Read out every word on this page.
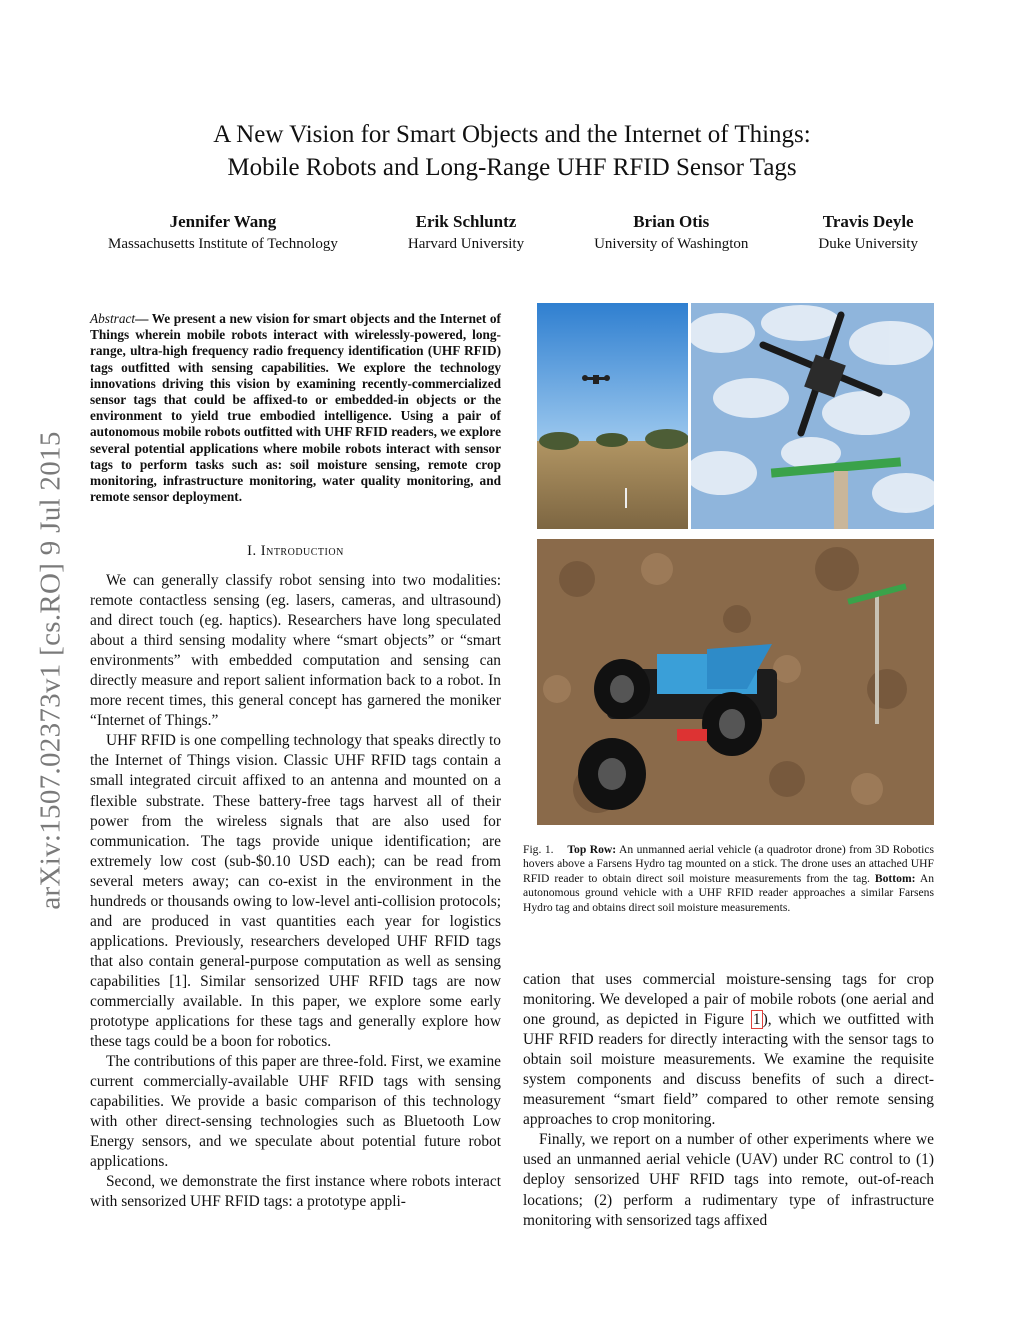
arXiv:1507.02373v1 [cs.RO] 9 Jul 2015
A New Vision for Smart Objects and the Internet of Things:
Mobile Robots and Long-Range UHF RFID Sensor Tags
Jennifer Wang
Massachusetts Institute of Technology
Erik Schluntz
Harvard University
Brian Otis
University of Washington
Travis Deyle
Duke University
Abstract— We present a new vision for smart objects and the Internet of Things wherein mobile robots interact with wirelessly-powered, long-range, ultra-high frequency radio frequency identification (UHF RFID) tags outfitted with sensing capabilities. We explore the technology innovations driving this vision by examining recently-commercialized sensor tags that could be affixed-to or embedded-in objects or the environment to yield true embodied intelligence. Using a pair of autonomous mobile robots outfitted with UHF RFID readers, we explore several potential applications where mobile robots interact with sensor tags to perform tasks such as: soil moisture sensing, remote crop monitoring, infrastructure monitoring, water quality monitoring, and remote sensor deployment.
I. Introduction

We can generally classify robot sensing into two modalities: remote contactless sensing (eg. lasers, cameras, and ultrasound) and direct touch (eg. haptics). Researchers have long speculated about a third sensing modality where “smart objects” or “smart environments” with embedded computation and sensing can directly measure and report salient information back to a robot. In more recent times, this general concept has garnered the moniker “Internet of Things.”

UHF RFID is one compelling technology that speaks directly to the Internet of Things vision. Classic UHF RFID tags contain a small integrated circuit affixed to an antenna and mounted on a flexible substrate. These battery-free tags harvest all of their power from the wireless signals that are also used for communication. The tags provide unique identification; are extremely low cost (sub-$0.10 USD each); can be read from several meters away; can co-exist in the environment in the hundreds or thousands owing to low-level anti-collision protocols; and are produced in vast quantities each year for logistics applications. Previously, researchers developed UHF RFID tags that also contain general-purpose computation as well as sensing capabilities [1]. Similar sensorized UHF RFID tags are now commercially available. In this paper, we explore some early prototype applications for these tags and generally explore how these tags could be a boon for robotics.

The contributions of this paper are three-fold. First, we examine current commercially-available UHF RFID tags with sensing capabilities. We provide a basic comparison of this technology with other direct-sensing technologies such as Bluetooth Low Energy sensors, and we speculate about potential future robot applications.

Second, we demonstrate the first instance where robots interact with sensorized UHF RFID tags: a prototype appli-

Fig. 1. Top Row: An unmanned aerial vehicle (a quadrotor drone) from 3D Robotics hovers above a Farsens Hydro tag mounted on a stick. The drone uses an attached UHF RFID reader to obtain direct soil moisture measurements from the tag. Bottom: An autonomous ground vehicle with a UHF RFID reader approaches a similar Farsens Hydro tag and obtains direct soil moisture measurements.

cation that uses commercial moisture-sensing tags for crop monitoring. We developed a pair of mobile robots (one aerial and one ground, as depicted in Figure 1 ), which we outfitted with UHF RFID readers for directly interacting with the sensor tags to obtain soil moisture measurements. We examine the requisite system components and discuss benefits of such a direct-measurement “smart field” compared to other remote sensing approaches to crop monitoring.

Finally, we report on a number of other experiments where we used an unmanned aerial vehicle (UAV) under RC control to (1) deploy sensorized UHF RFID tags into remote, out-of-reach locations; (2) perform a rudimentary type of infrastructure monitoring with sensorized tags affixed
